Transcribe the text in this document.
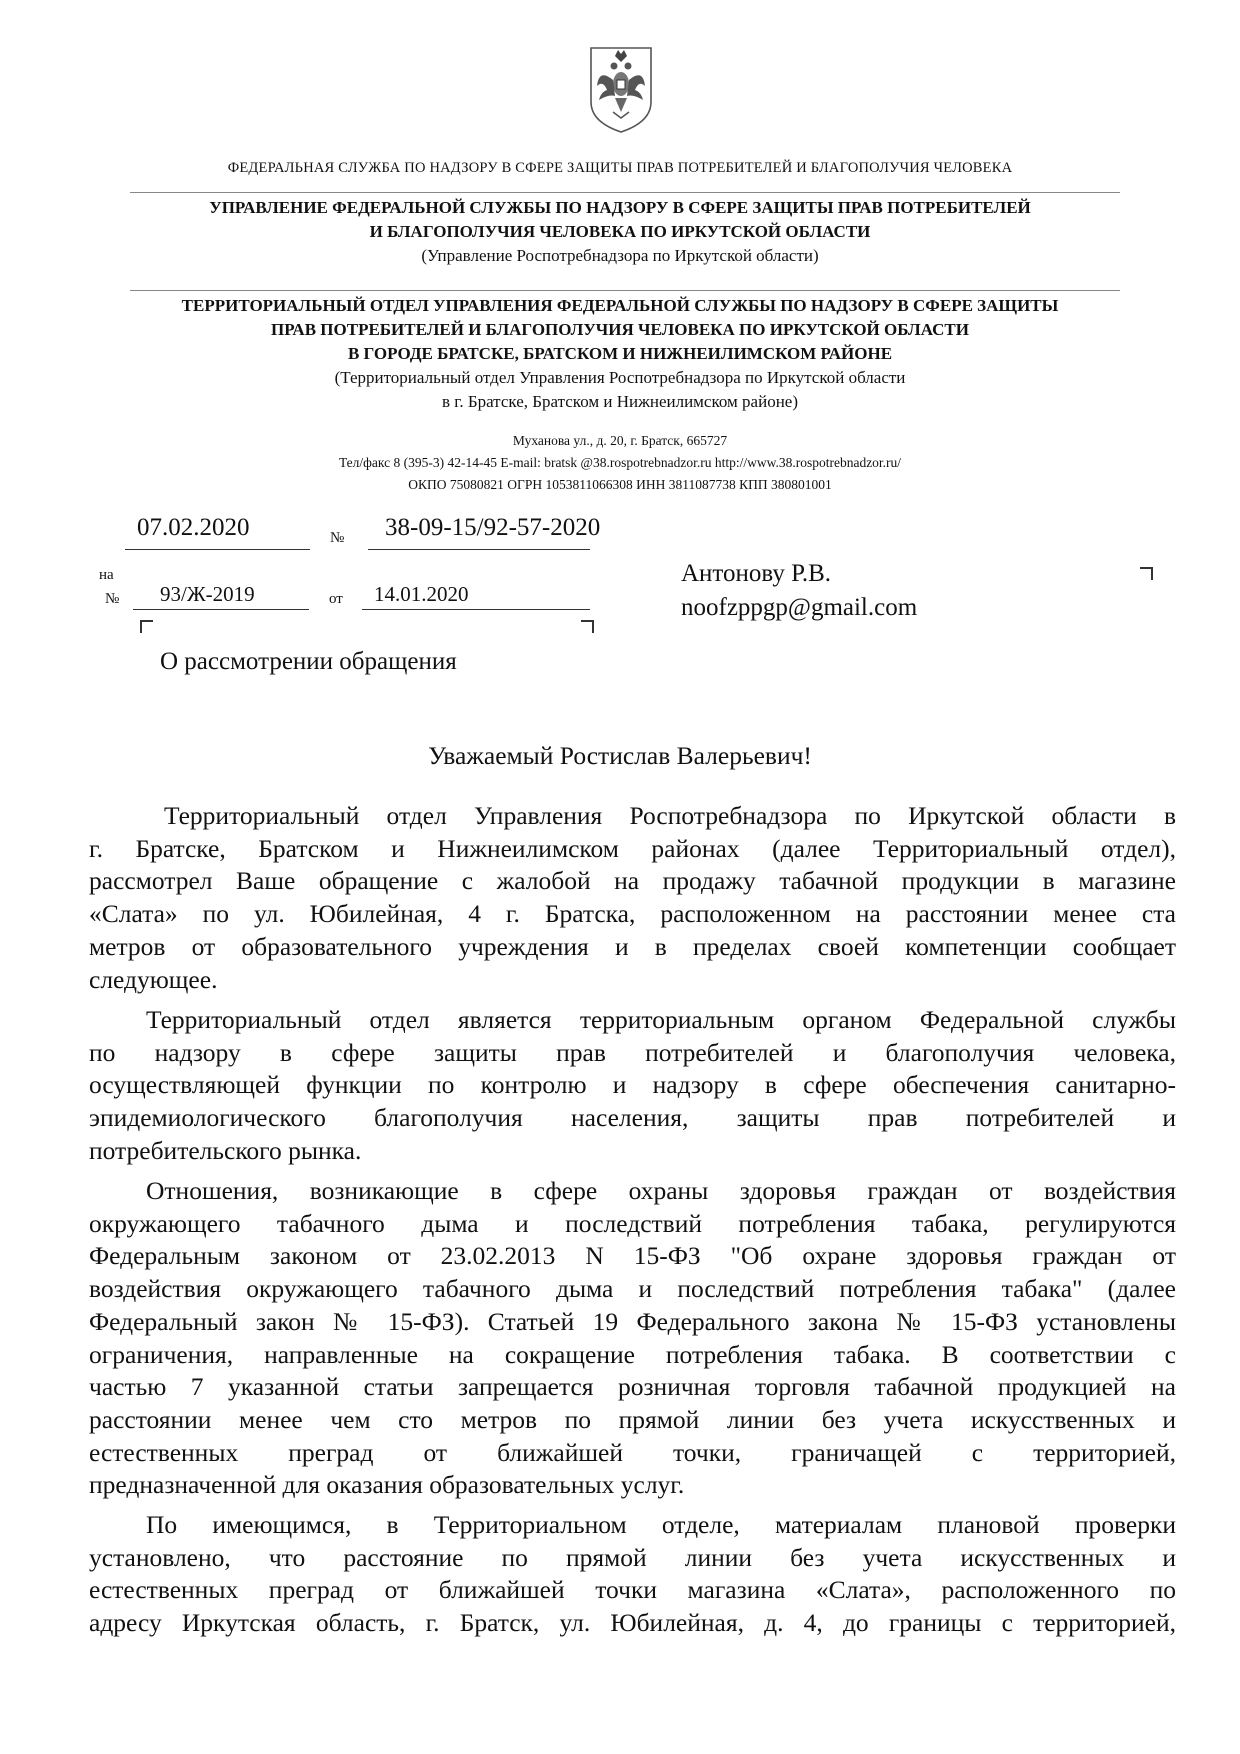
ФЕДЕРАЛЬНАЯ СЛУЖБА ПО НАДЗОРУ В СФЕРЕ ЗАЩИТЫ ПРАВ ПОТРЕБИТЕЛЕЙ И БЛАГОПОЛУЧИЯ ЧЕЛОВЕКА
УПРАВЛЕНИЕ ФЕДЕРАЛЬНОЙ СЛУЖБЫ ПО НАДЗОРУ В СФЕРЕ ЗАЩИТЫ ПРАВ ПОТРЕБИТЕЛЕЙ
И БЛАГОПОЛУЧИЯ ЧЕЛОВЕКА ПО ИРКУТСКОЙ ОБЛАСТИ
(Управление Роспотребнадзора по Иркутской области)
ТЕРРИТОРИАЛЬНЫЙ ОТДЕЛ УПРАВЛЕНИЯ ФЕДЕРАЛЬНОЙ СЛУЖБЫ ПО НАДЗОРУ В СФЕРЕ ЗАЩИТЫ
ПРАВ ПОТРЕБИТЕЛЕЙ И БЛАГОПОЛУЧИЯ ЧЕЛОВЕКА ПО ИРКУТСКОЙ ОБЛАСТИ
В ГОРОДЕ БРАТСКЕ, БРАТСКОМ И НИЖНЕИЛИМСКОМ РАЙОНЕ
(Территориальный отдел Управления Роспотребнадзора по Иркутской области
в г. Братске, Братском и Нижнеилимском районе)
Муханова ул., д. 20, г. Братск, 665727
Тел/факс 8 (395-3) 42-14-45 E-mail: bratsk @38.rospotrebnadzor.ru http://www.38.rospotrebnadzor.ru/
ОКПО 75080821 ОГРН 1053811066308 ИНН 3811087738 КПП 380801001
07.02.2020	№	38-09-15/92-57-2020
на
№	93/Ж-2019	от	14.01.2020
Антонову Р.В.
noofzppgp@gmail.com
О рассмотрении обращения
Уважаемый Ростислав Валерьевич!
Территориальный отдел Управления Роспотребнадзора по Иркутской области в
г. Братске, Братском и Нижнеилимском районах (далее Территориальный отдел),
рассмотрел Ваше обращение с жалобой на продажу табачной продукции в магазине
«Слата» по ул. Юбилейная, 4 г. Братска, расположенном на расстоянии менее ста
метров от образовательного учреждения и в пределах своей компетенции сообщает
следующее.
Территориальный отдел является территориальным органом Федеральной службы
по надзору в сфере защиты прав потребителей и благополучия человека,
осуществляющей функции по контролю и надзору в сфере обеспечения санитарно-
эпидемиологического благополучия населения, защиты прав потребителей и
потребительского рынка.
Отношения, возникающие в сфере охраны здоровья граждан от воздействия
окружающего табачного дыма и последствий потребления табака, регулируются
Федеральным законом от 23.02.2013 N 15-ФЗ "Об охране здоровья граждан от
воздействия окружающего табачного дыма и последствий потребления табака" (далее
Федеральный закон № 15-ФЗ). Статьей 19 Федерального закона № 15-ФЗ установлены
ограничения, направленные на сокращение потребления табака. В соответствии с
частью 7 указанной статьи запрещается розничная торговля табачной продукцией на
расстоянии менее чем сто метров по прямой линии без учета искусственных и
естественных преград от ближайшей точки, граничащей с территорией,
предназначенной для оказания образовательных услуг.
По имеющимся, в Территориальном отделе, материалам плановой проверки
установлено, что расстояние по прямой линии без учета искусственных и
естественных преград от ближайшей точки магазина «Слата», расположенного по
адресу Иркутская область, г. Братск, ул. Юбилейная, д. 4, до границы с территорией,
